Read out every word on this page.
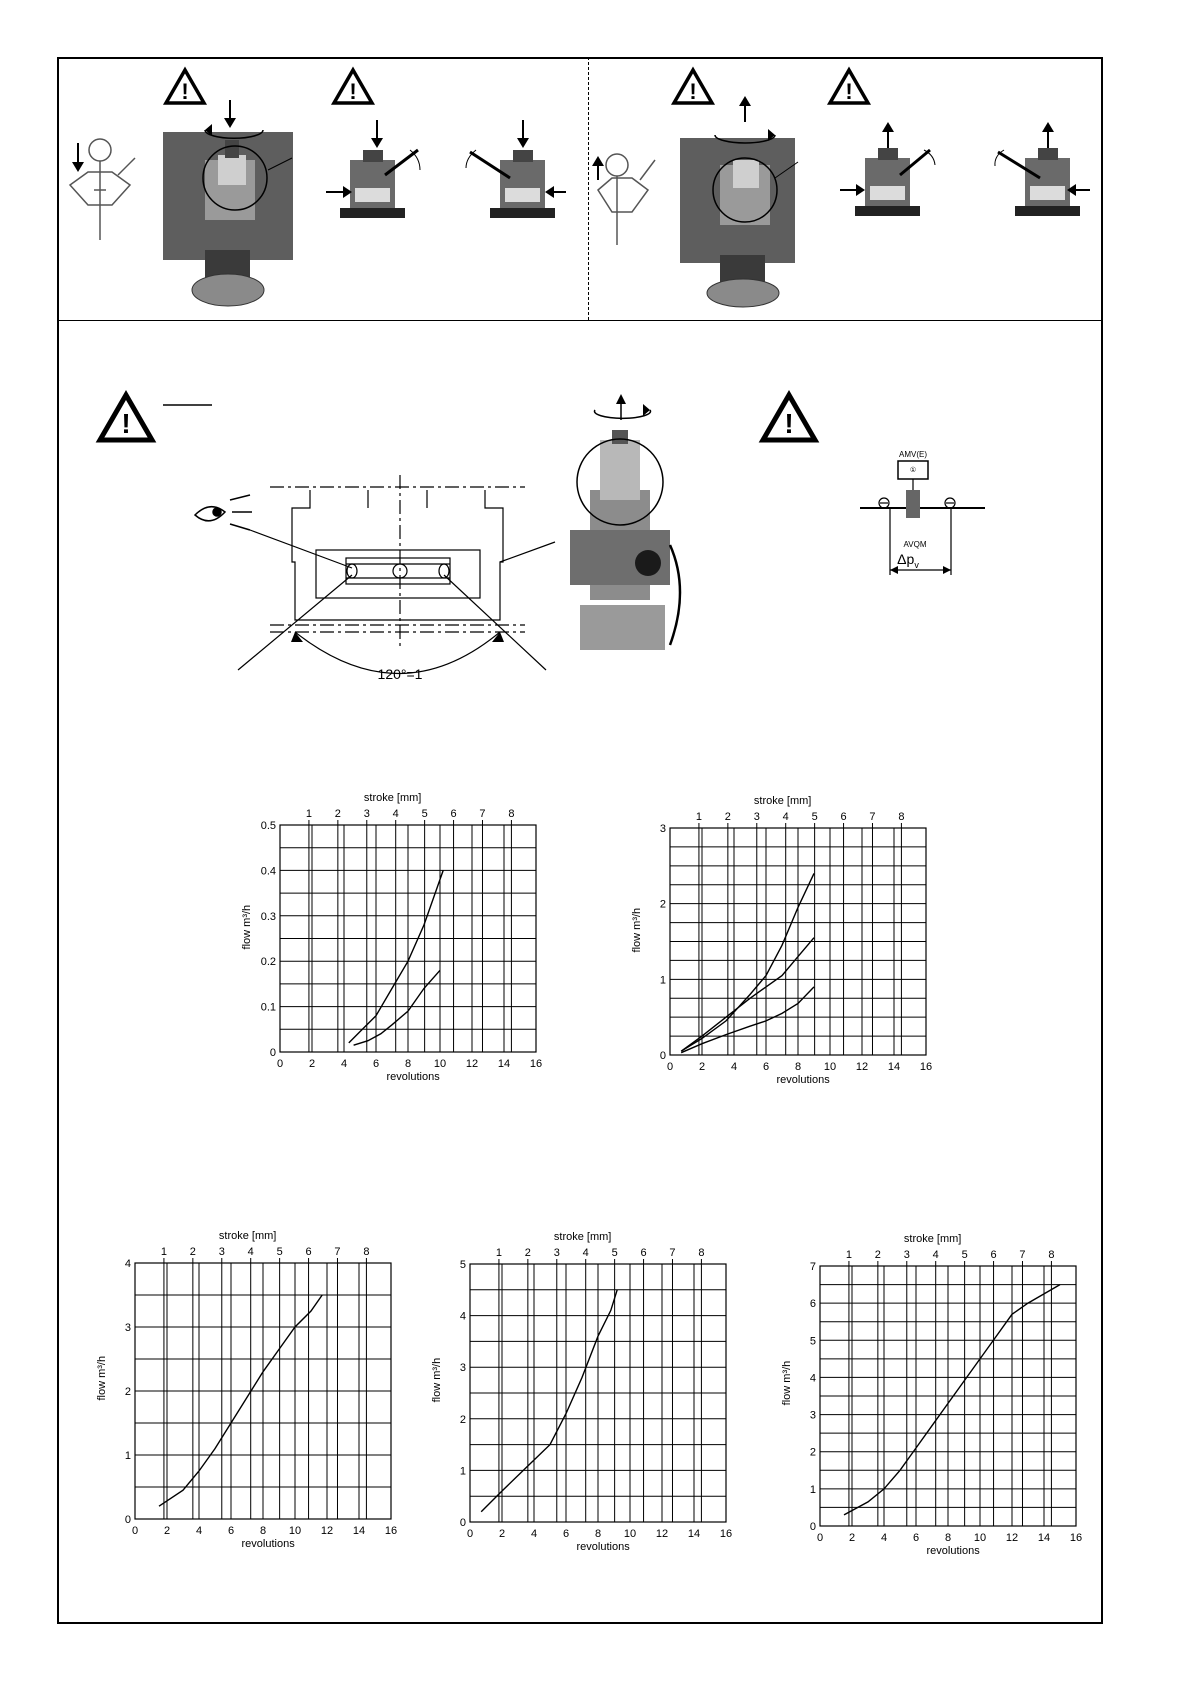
!	!	!	!
!	!
120°=1
①
AMV(E)
AVQM
$\Delta p_v$
1 2 3 4 5 6 7 8
0 2 4 6 8 10 12 14 16
0
0.1
0.2
0.3
0.4
0.5
stroke [mm]
revolutions
flow m³/h
1 2 3 4 5 6 7 8
0 2 4 6 8 10 12 14 16
0
1
2
3
stroke [mm]
revolutions
flow m³/h
1 2 3 4 5 6 7 8
0 2 4 6 8 10 12 14 16
0
1
2
3
4
stroke [mm]
revolutions
flow m³/h
1 2 3 4 5 6 7 8
0 2 4 6 8 10 12 14 16
0
1
2
3
4
5
stroke [mm]
revolutions
flow m³/h
1 2 3 4 5 6 7 8
0 2 4 6 8 10 12 14 16
0
1
2
3
4
5
6
7
stroke [mm]
revolutions
flow m³/h
